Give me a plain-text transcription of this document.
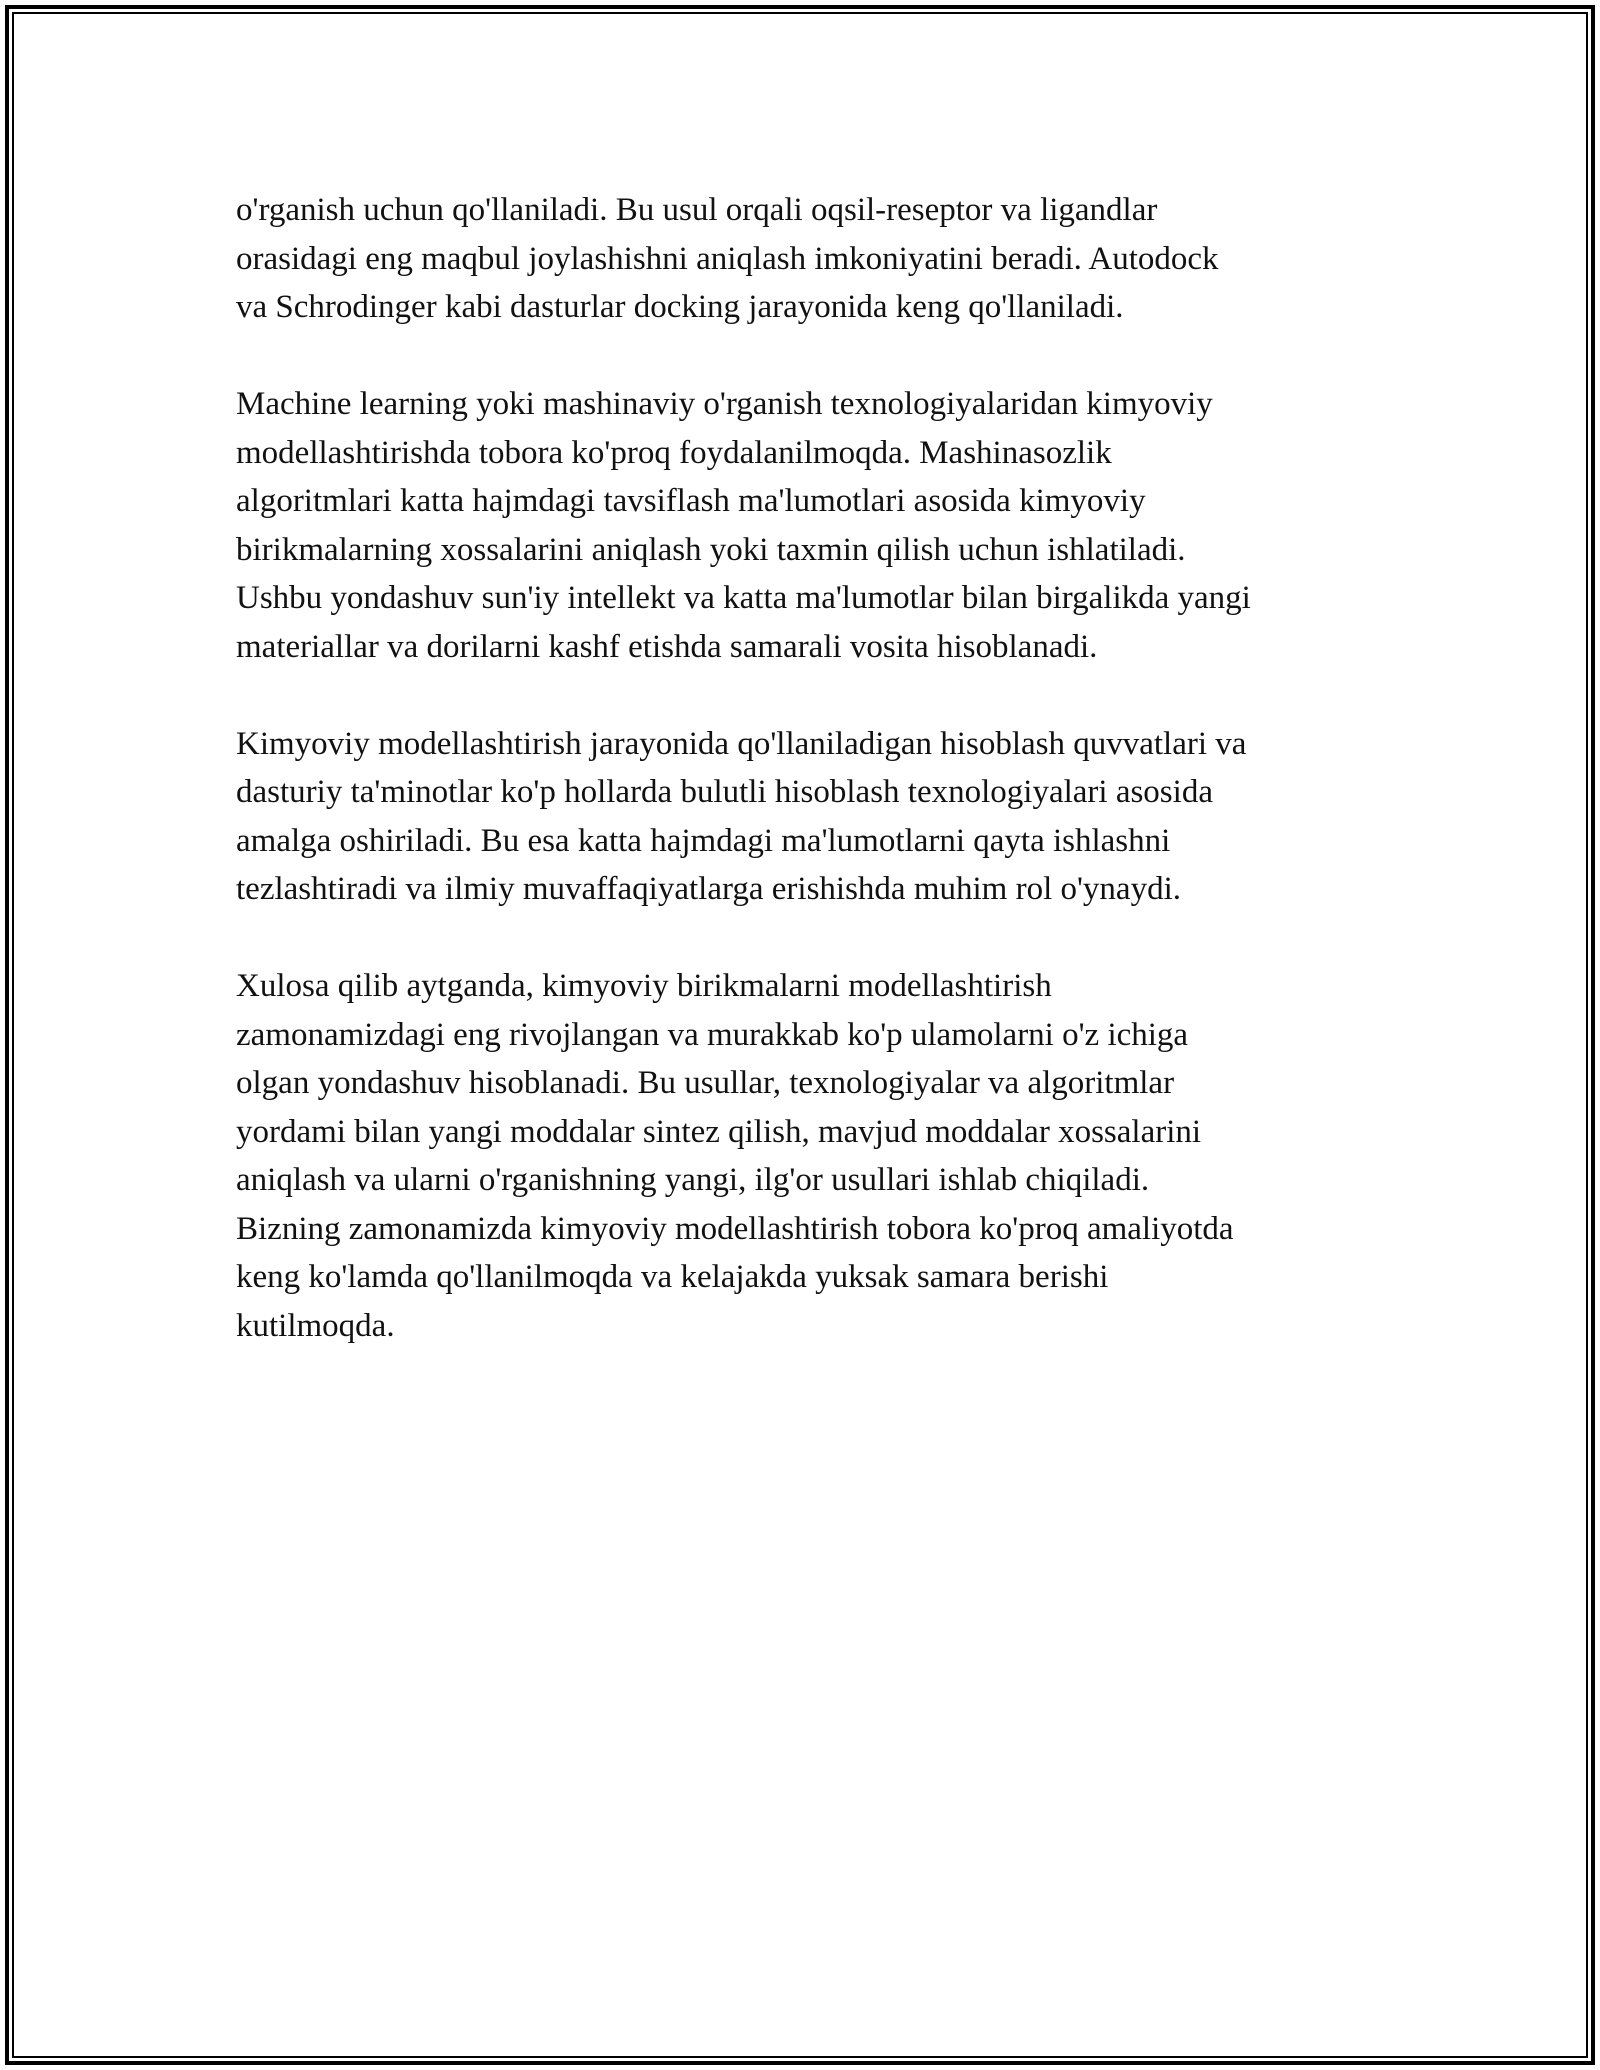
o'rganish uchun qo'llaniladi. Bu usul orqali oqsil-reseptor va ligandlar
orasidagi eng maqbul joylashishni aniqlash imkoniyatini beradi. Autodock
va Schrodinger kabi dasturlar docking jarayonida keng qo'llaniladi.

Machine learning yoki mashinaviy o'rganish texnologiyalaridan kimyoviy
modellashtirishda tobora ko'proq foydalanilmoqda. Mashinasozlik
algoritmlari katta hajmdagi tavsiflash ma'lumotlari asosida kimyoviy
birikmalarning xossalarini aniqlash yoki taxmin qilish uchun ishlatiladi.
Ushbu yondashuv sun'iy intellekt va katta ma'lumotlar bilan birgalikda yangi
materiallar va dorilarni kashf etishda samarali vosita hisoblanadi.

Kimyoviy modellashtirish jarayonida qo'llaniladigan hisoblash quvvatlari va
dasturiy ta'minotlar ko'p hollarda bulutli hisoblash texnologiyalari asosida
amalga oshiriladi. Bu esa katta hajmdagi ma'lumotlarni qayta ishlashni
tezlashtiradi va ilmiy muvaffaqiyatlarga erishishda muhim rol o'ynaydi.

Xulosa qilib aytganda, kimyoviy birikmalarni modellashtirish
zamonamizdagi eng rivojlangan va murakkab ko'p ulamolarni o'z ichiga
olgan yondashuv hisoblanadi. Bu usullar, texnologiyalar va algoritmlar
yordami bilan yangi moddalar sintez qilish, mavjud moddalar xossalarini
aniqlash va ularni o'rganishning yangi, ilg'or usullari ishlab chiqiladi.
Bizning zamonamizda kimyoviy modellashtirish tobora ko'proq amaliyotda
keng ko'lamda qo'llanilmoqda va kelajakda yuksak samara berishi
kutilmoqda.
